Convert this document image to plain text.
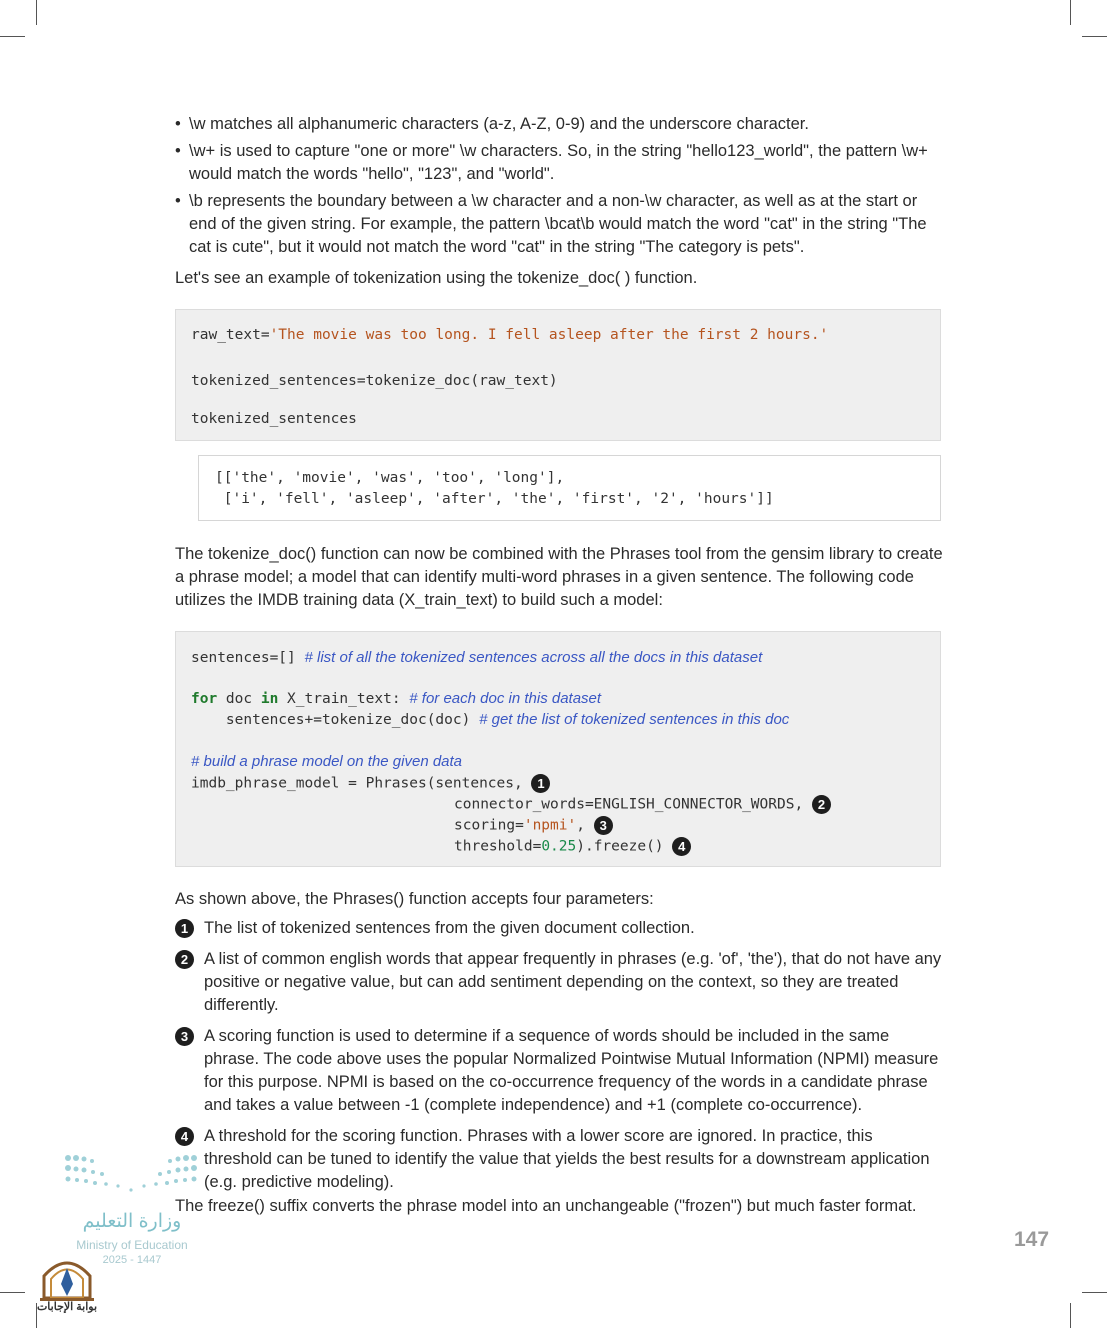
• \w matches all alphanumeric characters (a-z, A-Z, 0-9) and the underscore character.
• \w+ is used to capture "one or more" \w characters. So, in the string "hello123_world", the pattern \w+ would match the words "hello", "123", and "world".
• \b represents the boundary between a \w character and a non-\w character, as well as at the start or end of the given string. For example, the pattern \bcat\b would match the word "cat" in the string "The cat is cute", but it would not match the word "cat" in the string "The category is pets".
Let's see an example of tokenization using the tokenize_doc( ) function.
raw_text='The movie was too long. I fell asleep after the first 2 hours.'
tokenized_sentences=tokenize_doc(raw_text)
tokenized_sentences
[['the', 'movie', 'was', 'too', 'long'],
['i', 'fell', 'asleep', 'after', 'the', 'first', '2', 'hours']]
The tokenize_doc() function can now be combined with the Phrases tool from the gensim library to create a phrase model; a model that can identify multi-word phrases in a given sentence. The following code utilizes the IMDB training data (X_train_text) to build such a model:
sentences=[] # list of all the tokenized sentences across all the docs in this dataset
for doc in X_train_text: # for each doc in this dataset
sentences+=tokenize_doc(doc) # get the list of tokenized sentences in this doc
# build a phrase model on the given data
imdb_phrase_model = Phrases(sentences, 1
connector_words=ENGLISH_CONNECTOR_WORDS, 2
scoring='npmi', 3
threshold=0.25).freeze() 4
As shown above, the Phrases() function accepts four parameters:
1 The list of tokenized sentences from the given document collection.
2 A list of common english words that appear frequently in phrases (e.g. 'of', 'the'), that do not have any positive or negative value, but can add sentiment depending on the context, so they are treated differently.
3 A scoring function is used to determine if a sequence of words should be included in the same phrase. The code above uses the popular Normalized Pointwise Mutual Information (NPMI) measure for this purpose. NPMI is based on the co-occurrence frequency of the words in a candidate phrase and takes a value between -1 (complete independence) and +1 (complete co-occurrence).
4 A threshold for the scoring function. Phrases with a lower score are ignored. In practice, this threshold can be tuned to identify the value that yields the best results for a downstream application (e.g. predictive modeling).
The freeze() suffix converts the phrase model into an unchangeable ("frozen") but much faster format.
147
وزارة التعليم
Ministry of Education
2025 - 1447
بوابة الإجابات
